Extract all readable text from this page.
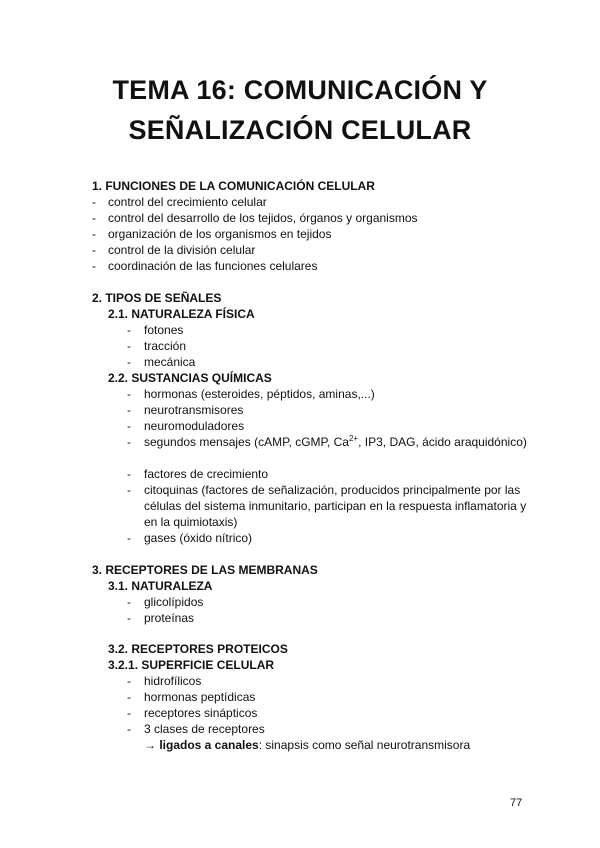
TEMA 16: COMUNICACIÓN Y
SEÑALIZACIÓN CELULAR
1. FUNCIONES DE LA COMUNICACIÓN CELULAR
- control del crecimiento celular
- control del desarrollo de los tejidos, órganos y organismos
- organización de los organismos en tejidos
- control de la división celular
- coordinación de las funciones celulares
2. TIPOS DE SEÑALES
2.1. NATURALEZA FÍSICA
- fotones
- tracción
- mecánica
2.2. SUSTANCIAS QUÍMICAS
- hormonas (esteroides, péptidos, aminas,...)
- neurotransmisores
- neuromoduladores
- segundos mensajes (cAMP, cGMP, $Ca^{2+}$, IP3, DAG, ácido araquidónico)
- factores de crecimiento
- citoquinas (factores de señalización, producidos principalmente por las células del sistema inmunitario, participan en la respuesta inflamatoria y en la quimiotaxis)
- gases (óxido nítrico)
3. RECEPTORES DE LAS MEMBRANAS
3.1. NATURALEZA
- glicolípidos
- proteínas
3.2. RECEPTORES PROTEICOS
3.2.1. SUPERFICIE CELULAR
- hidrofílicos
- hormonas peptídicas
- receptores sinápticos
- 3 clases de receptores
→ ligados a canales: sinapsis como señal neurotransmisora
77
